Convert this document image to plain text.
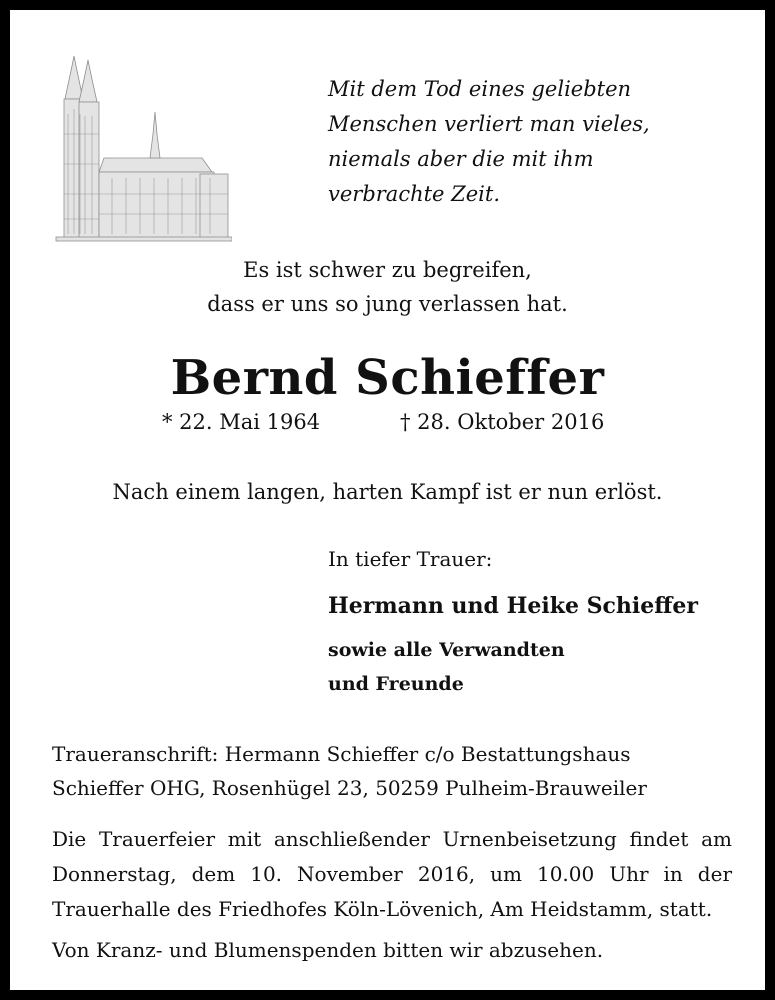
Mit dem Tod eines geliebten
Menschen verliert man vieles,
niemals aber die mit ihm
verbrachte Zeit.
Es ist schwer zu begreifen,
dass er uns so jung verlassen hat.
Bernd Schieffer
* 22. Mai 1964	† 28. Oktober 2016
Nach einem langen, harten Kampf ist er nun erlöst.
In tiefer Trauer:
Hermann und Heike Schieffer
sowie alle Verwandten
und Freunde
Traueranschrift: Hermann Schieffer c/o Bestattungshaus
Schieffer OHG, Rosenhügel 23, 50259 Pulheim-Brauweiler
Die Trauerfeier mit anschließender Urnenbeisetzung findet am
Donnerstag, dem 10. November 2016, um 10.00 Uhr in der
Trauerhalle des Friedhofes Köln-Lövenich, Am Heidstamm, statt.
Von Kranz- und Blumenspenden bitten wir abzusehen.
